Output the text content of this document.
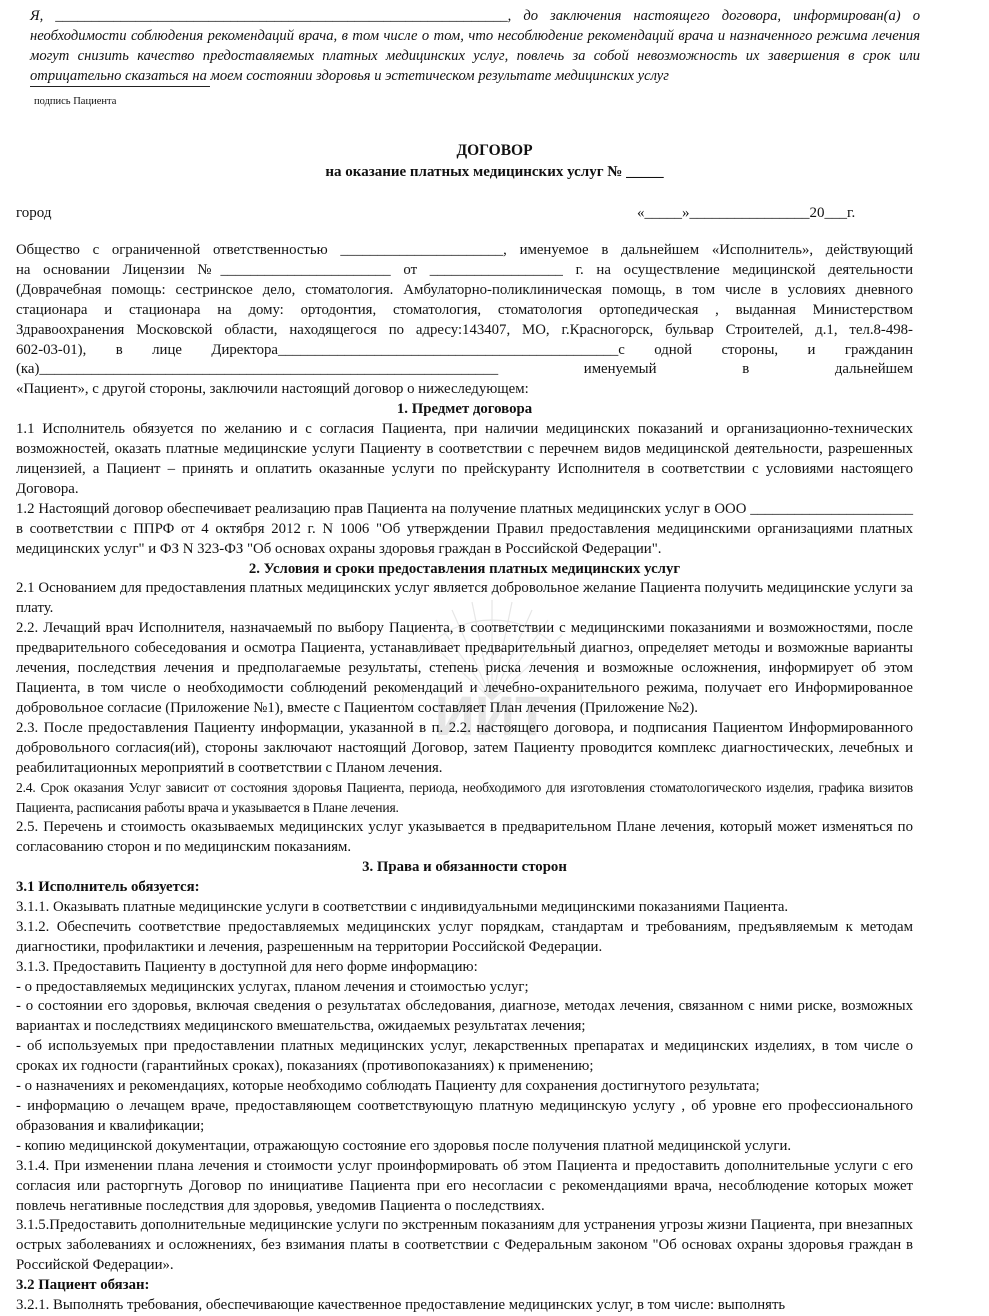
Я, ______________________________________________________________, до заключения настоящего договора, информирован(а) о необходимости соблюдения рекомендаций врача, в том числе о том, что несоблюдение рекомендаций врача и назначенного режима лечения могут снизить качество предоставляемых платных медицинских услуг, повлечь за собой невозможность их завершения в срок или отрицательно сказаться на моем состоянии здоровья и эстетическом результате медицинских услуг
подпись Пациента
ДОГОВОР
на оказание платных медицинских услуг № _____
город	«_____»________________20___г.
ИИТ

Общество с ограниченной ответственностью ______________________, именуемое в дальнейшем «Исполнитель», действующий

на основании Лицензии №_______________________ от __________________ г. на осуществление медицинской деятельности

(Доврачебная помощь: сестринское дело, стоматология. Амбулаторно-поликлиническая помощь, в том числе в условиях дневного

стационара и стационара на дому: ортодонтия, стоматология, стоматология ортопедическая , выданная Министерством

Здравоохранения Московской области, находящегося по адресу:143407, МО, г.Красногорск, бульвар Строителей, д.1, тел.8-498-

602-03-01), в лице Директора______________________________________________с одной стороны, и гражданин

(ка)______________________________________________________________ именуемый в дальнейшем

«Пациент», с другой стороны, заключили настоящий договор о нижеследующем:

1. Предмет договора

1.1 Исполнитель обязуется по желанию и с согласия Пациента, при наличии медицинских показаний и организационно-технических возможностей, оказать платные медицинские услуги Пациенту в соответствии с перечнем видов медицинской деятельности, разрешенных лицензией, а Пациент – принять и оплатить оказанные услуги по прейскуранту Исполнителя в соответствии с условиями настоящего Договора.

1.2 Настоящий договор обеспечивает реализацию прав Пациента на получение платных медицинских услуг в ООО ______________________ в соответствии с ППРФ от 4 октября 2012 г. N 1006 "Об утверждении Правил предоставления медицинскими организациями платных медицинских услуг" и ФЗ N 323-ФЗ "Об основах охраны здоровья граждан в Российской Федерации".

2. Условия и сроки предоставления платных медицинских услуг

2.1 Основанием для предоставления платных медицинских услуг является добровольное желание Пациента получить медицинские услуги за плату.

2.2. Лечащий врач Исполнителя, назначаемый по выбору Пациента, в соответствии с медицинскими показаниями и возможностями, после предварительного собеседования и осмотра Пациента, устанавливает предварительный диагноз, определяет методы и возможные варианты лечения, последствия лечения и предполагаемые результаты, степень риска лечения и возможные осложнения, информирует об этом Пациента, в том числе о необходимости соблюдений рекомендаций и лечебно-охранительного режима, получает его Информированное добровольное согласие (Приложение №1), вместе с Пациентом составляет План лечения (Приложение №2).

2.3. После предоставления Пациенту информации, указанной в п. 2.2. настоящего договора, и подписания Пациентом Информированного добровольного согласия(ий), стороны заключают настоящий Договор, затем Пациенту проводится комплекс диагностических, лечебных и реабилитационных мероприятий в соответствии с Планом лечения.

2.4. Срок оказания Услуг зависит от состояния здоровья Пациента, периода, необходимого для изготовления стоматологического изделия, графика визитов Пациента, расписания работы врача и указывается в Плане лечения.

2.5. Перечень и стоимость оказываемых медицинских услуг указывается в предварительном Плане лечения, который может изменяться по согласованию сторон и по медицинским показаниям.

3. Права и обязанности сторон

3.1 Исполнитель обязуется:

3.1.1. Оказывать платные медицинские услуги в соответствии с индивидуальными медицинскими показаниями Пациента.

3.1.2. Обеспечить соответствие предоставляемых медицинских услуг порядкам, стандартам и требованиям, предъявляемым к методам диагностики, профилактики и лечения, разрешенным на территории Российской Федерации.

3.1.3. Предоставить Пациенту в доступной для него форме информацию:

- о предоставляемых медицинских услугах, планом лечения и стоимостью услуг;

- о состоянии его здоровья, включая сведения о результатах обследования, диагнозе, методах лечения, связанном с ними риске, возможных вариантах и последствиях медицинского вмешательства, ожидаемых результатах лечения;

- об используемых при предоставлении платных медицинских услуг, лекарственных препаратах и медицинских изделиях, в том числе о сроках их годности (гарантийных сроках), показаниях (противопоказаниях) к применению;

- о назначениях и рекомендациях, которые необходимо соблюдать Пациенту для сохранения достигнутого результата;

- информацию о лечащем враче, предоставляющем соответствующую платную медицинскую услугу , об уровне его профессионального образования и квалификации;

- копию медицинской документации, отражающую состояние его здоровья после получения платной медицинской услуги.

3.1.4. При изменении плана лечения и стоимости услуг проинформировать об этом Пациента и предоставить дополнительные услуги с его согласия или расторгнуть Договор по инициативе Пациента при его несогласии с рекомендациями врача, несоблюдение которых может повлечь негативные последствия для здоровья, уведомив Пациента о последствиях.

3.1.5.Предоставить дополнительные медицинские услуги по экстренным показаниям для устранения угрозы жизни Пациента, при внезапных острых заболеваниях и осложнениях, без взимания платы в соответствии с Федеральным законом "Об основах охраны здоровья граждан в Российской Федерации».

3.2 Пациент обязан:

3.2.1. Выполнять требования, обеспечивающие качественное предоставление медицинских услуг, в том числе: выполнять
